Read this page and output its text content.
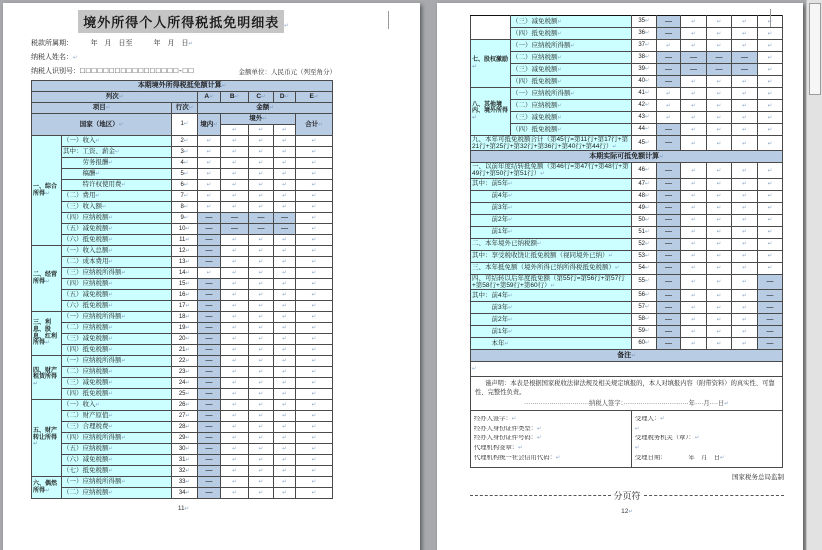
境外所得个人所得税抵免明细表 ↵
税款所属期：　　　年　月　日至　　　年　月　日↵
纳税人姓名：↵
纳税人识别号：□□□□□□□□□□□□□□□□□-□□	金额单位：人民币元（列至角分）
本期境外所得税抵免额计算↵							
列次↵			A↵	B↵	C↵	D↵	E↵
项目↵		行次↵	金额↵				
国家（地区）↵		1↵	境内↵	境外↵			合计↵
				↵	↵	↵	
一、综合所得↵	（一）收入↵	2↵	↵	↵	↵	↵	↵
	其中：工资、薪金↵	3↵	↵	↵	↵	↵	↵
	　　　劳务报酬↵	4↵	↵	↵	↵	↵	↵
	　　　稿酬↵	5↵	↵	↵	↵	↵	↵
	　　　特许权使用费↵	6↵	↵	↵	↵	↵	↵
	（二）费用↵	7↵	↵	↵	↵	↵	↵
	（三）收入额↵	8↵	↵	↵	↵	↵	↵
	（四）应纳税额↵	9↵	—	—	—	—	↵
	（五）减免税额↵	10↵	—	—	—	—	↵
	（六）抵免税额↵	11↵	—	↵	↵	↵	↵
二、经营所得↵	（一）收入总额↵	12↵	—	↵	↵	↵	↵
	（二）成本费用↵	13↵	—	↵	↵	↵	↵
	（三）应纳税所得额↵	14↵	↵	↵	↵	↵	↵
	（四）应纳税额↵	15↵	—	↵	↵	↵	↵
	（五）减免税额↵	16↵	—	↵	↵	↵	↵
	（六）抵免税额↵	17↵	—	↵	↵	↵	↵
三、利息、股息、红利所得↵	（一）应纳税所得额↵	18↵	—	↵	↵	↵	↵
	（二）应纳税额↵	19↵	—	↵	↵	↵	↵
	（三）减免税额↵	20↵	—	↵	↵	↵	↵
	（四）抵免税额↵	21↵	—	↵	↵	↵	↵
四、财产租赁所得↵	（一）应纳税所得额↵	22↵	—	↵	↵	↵	↵
	（二）应纳税额↵	23↵	—	↵	↵	↵	↵
	（三）减免税额↵	24↵	—	↵	↵	↵	↵
	（四）抵免税额↵	25↵	—	↵	↵	↵	↵
五、财产转让所得↵	（一）收入↵	26↵	—	↵	↵	↵	↵
	（二）财产原值↵	27↵	—	↵	↵	↵	↵
	（三）合理税费↵	28↵	—	↵	↵	↵	↵
	（四）应纳税所得额↵	29↵	—	↵	↵	↵	↵
	（五）应纳税额↵	30↵	—	↵	↵	↵	↵
	（六）减免税额↵	31↵	—	↵	↵	↵	↵
	（七）抵免税额↵	32↵	—	↵	↵	↵	↵
六、偶然所得↵	（一）应纳税所得额↵	33↵	—	↵	↵	↵	↵
	（二）应纳税额↵	34↵	—	↵	↵	↵	↵
11↵
	（三）减免税额↵	35↵	—	↵	↵	↵	↵
	（四）抵免税额↵	36↵	—	↵	↵	↵	↵
七、股权激励↵	（一）应纳税所得额↵	37↵	↵	↵	↵	↵	↵
	（二）应纳税额↵	38↵	—	—	—	—	↵
	（三）减免税额↵	39↵	—	—	—	—	↵
	（四）抵免税额↵	40↵	—	↵	↵	↵	↵
八、其他境内、境外所得↵	（一）应纳税所得额↵	41↵	↵	↵	↵	↵	↵
	（二）应纳税额↵	42↵	↵	↵	↵	↵	↵
	（三）减免税额↵	43↵	↵	↵	↵	↵	↵
	（四）抵免税额↵	44↵	—	↵	↵	↵	↵
九、本年可抵免税额合计（第45行=第11行+第17行+第21行+第25行+第32行+第36行+第40行+第44行）↵		45↵	—	↵	↵	↵	↵
本期实际可抵免额计算↵							
一、以前年度结转抵免额（第46行=第47行+第48行+第49行+第50行+第51行）↵		46↵	—	↵	↵	↵	↵
其中：前5年↵		47↵	—	↵	↵	↵	↵
　　　前4年↵		48↵	—	↵	↵	↵	↵
　　　前3年↵		49↵	—	↵	↵	↵	↵
　　　前2年↵		50↵	—	↵	↵	↵	↵
　　　前1年↵		51↵	—	↵	↵	↵	↵
二、本年境外已纳税额↵		52↵	—	↵	↵	↵	↵
其中：享受税收饶让抵免税额（视同境外已纳）↵		53↵	—	↵	↵	↵	↵
三、本年抵免额（境外所得已纳所得税抵免税额）↵		54↵	—	↵	↵	↵	↵
四、可结转以后年度抵免额（第55行=第56行+第57行+第58行+第59行+第60行）↵		55↵	—	↵	↵	↵	—
其中：前4年↵		56↵	—	↵	↵	↵	—
　　　前3年↵		57↵	—	↵	↵	↵	—
　　　前2年↵		58↵	—	↵	↵	↵	—
　　　前1年↵		59↵	—	↵	↵	↵	—
　　　本年↵		60↵	—	↵	↵	↵	—
备注↵							
↵							

谨声明：本表是根据国家税收法律法规及相关规定填报的，本人对填报内容（附带资料）的真实性、可靠性、完整性负责。
·······························纳税人签字：·······························年····月····日↵							

经办人签字：↵
经办人身份证件类型：↵
经办人身份证件号码：↵
代理机构签章：↵
代理机构统一社会信用代码：↵

受理人：↵
↵
受理税务机关（章）：↵
↵
受理日期：　　　　年　月　日↵
国家税务总局监制
分页符
12↵
